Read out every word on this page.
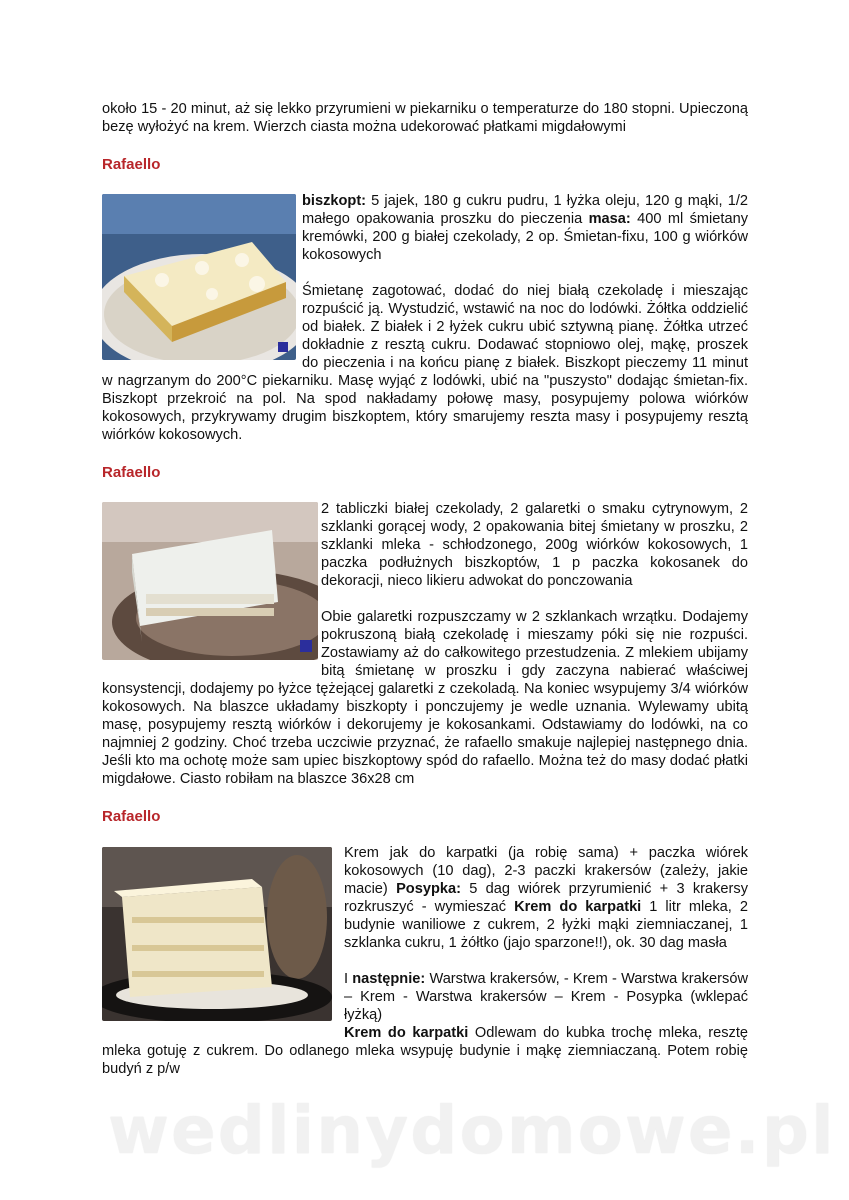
około 15 - 20 minut, aż się lekko przyrumieni w piekarniku o temperaturze do 180 stopni. Upieczoną bezę wyłożyć na krem. Wierzch ciasta można udekorować płatkami migdałowymi

Rafaello

biszkopt: 5 jajek, 180 g cukru pudru, 1 łyżka oleju, 120 g mąki, 1/2 małego opakowania proszku do pieczenia masa: 400 ml śmietany kremówki, 200 g białej czekolady, 2 op. Śmietan-fixu, 100 g wiórków kokosowych

Śmietanę zagotować, dodać do niej białą czekoladę i mieszając rozpuścić ją. Wystudzić, wstawić na noc do lodówki. Żółtka oddzielić od białek. Z białek i 2 łyżek cukru ubić sztywną pianę. Żółtka utrzeć dokładnie z resztą cukru. Dodawać stopniowo olej, mąkę, proszek do pieczenia i na końcu pianę z białek. Biszkopt pieczemy 11 minut w nagrzanym do 200°C piekarniku. Masę wyjąć z lodówki, ubić na "puszysto" dodając śmietan-fix. Biszkopt przekroić na pol. Na spod nakładamy połowę masy, posypujemy polowa wiórków kokosowych, przykrywamy drugim biszkoptem, który smarujemy reszta masy i posypujemy resztą wiórków kokosowych.

Rafaello

2 tabliczki białej czekolady, 2 galaretki o smaku cytrynowym, 2 szklanki gorącej wody, 2 opakowania bitej śmietany w proszku, 2 szklanki mleka - schłodzonego, 200g wiórków kokosowych, 1 paczka podłużnych biszkoptów, 1 p paczka kokosanek do dekoracji, nieco likieru adwokat do ponczowania

Obie galaretki rozpuszczamy w 2 szklankach wrzątku. Dodajemy pokruszoną białą czekoladę i mieszamy póki się nie rozpuści. Zostawiamy aż do całkowitego przestudzenia. Z mlekiem ubijamy bitą śmietanę w proszku i gdy zaczyna nabierać właściwej konsystencji, dodajemy po łyżce tężejącej galaretki z czekoladą. Na koniec wsypujemy 3/4 wiórków kokosowych. Na blaszce układamy biszkopty i ponczujemy je wedle uznania. Wylewamy ubitą masę, posypujemy resztą wiórków i dekorujemy je kokosankami. Odstawiamy do lodówki, na co najmniej 2 godziny. Choć trzeba uczciwie przyznać, że rafaello smakuje najlepiej następnego dnia. Jeśli kto ma ochotę może sam upiec biszkoptowy spód do rafaello. Można też do masy dodać płatki migdałowe. Ciasto robiłam na blaszce 36x28 cm

Rafaello

Krem jak do karpatki (ja robię sama) + paczka wiórek kokosowych (10 dag), 2-3 paczki krakersów (zależy, jakie macie) Posypka: 5 dag wiórek przyrumienić + 3 krakersy rozkruszyć - wymieszać Krem do karpatki 1 litr mleka, 2 budynie waniliowe z cukrem, 2 łyżki mąki ziemniaczanej, 1 szklanka cukru, 1 żółtko (jajo sparzone!!), ok. 30 dag masła

I następnie: Warstwa krakersów, - Krem - Warstwa krakersów – Krem - Warstwa krakersów – Krem - Posypka (wklepać łyżką)

Krem do karpatki Odlewam do kubka trochę mleka, resztę mleka gotuję z cukrem. Do odlanego mleka wsypuję budynie i mąkę ziemniaczaną. Potem robię budyń z p/w

wedlinydomowe.pl
